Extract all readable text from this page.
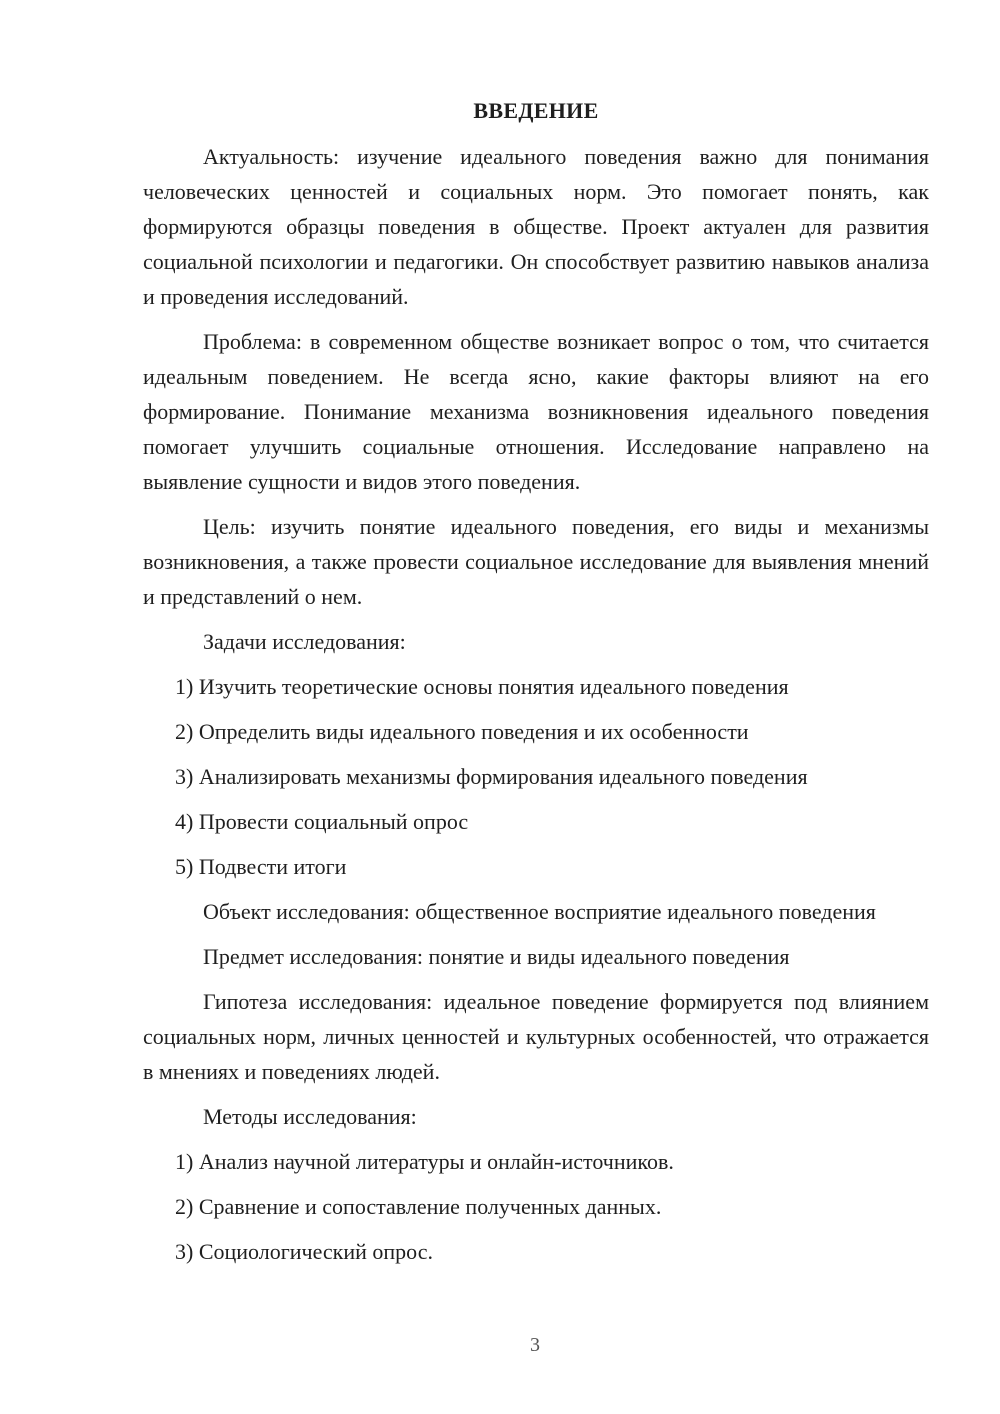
ВВЕДЕНИЕ

Актуальность: изучение идеального поведения важно для понимания человеческих ценностей и социальных норм. Это помогает понять, как формируются образцы поведения в обществе. Проект актуален для развития социальной психологии и педагогики. Он способствует развитию навыков анализа и проведения исследований.

Проблема: в современном обществе возникает вопрос о том, что считается идеальным поведением. Не всегда ясно, какие факторы влияют на его формирование. Понимание механизма возникновения идеального поведения помогает улучшить социальные отношения. Исследование направлено на выявление сущности и видов этого поведения.

Цель: изучить понятие идеального поведения, его виды и механизмы возникновения, а также провести социальное исследование для выявления мнений и представлений о нем.

Задачи исследования:
1) Изучить теоретические основы понятия идеального поведения
2) Определить виды идеального поведения и их особенности
3) Анализировать механизмы формирования идеального поведения
4) Провести социальный опрос
5) Подвести итоги

Объект исследования: общественное восприятие идеального поведения

Предмет исследования: понятие и виды идеального поведения

Гипотеза исследования: идеальное поведение формируется под влиянием социальных норм, личных ценностей и культурных особенностей, что отражается в мнениях и поведениях людей.

Методы исследования:
1) Анализ научной литературы и онлайн-источников.
2) Сравнение и сопоставление полученных данных.
3) Социологический опрос.
3
